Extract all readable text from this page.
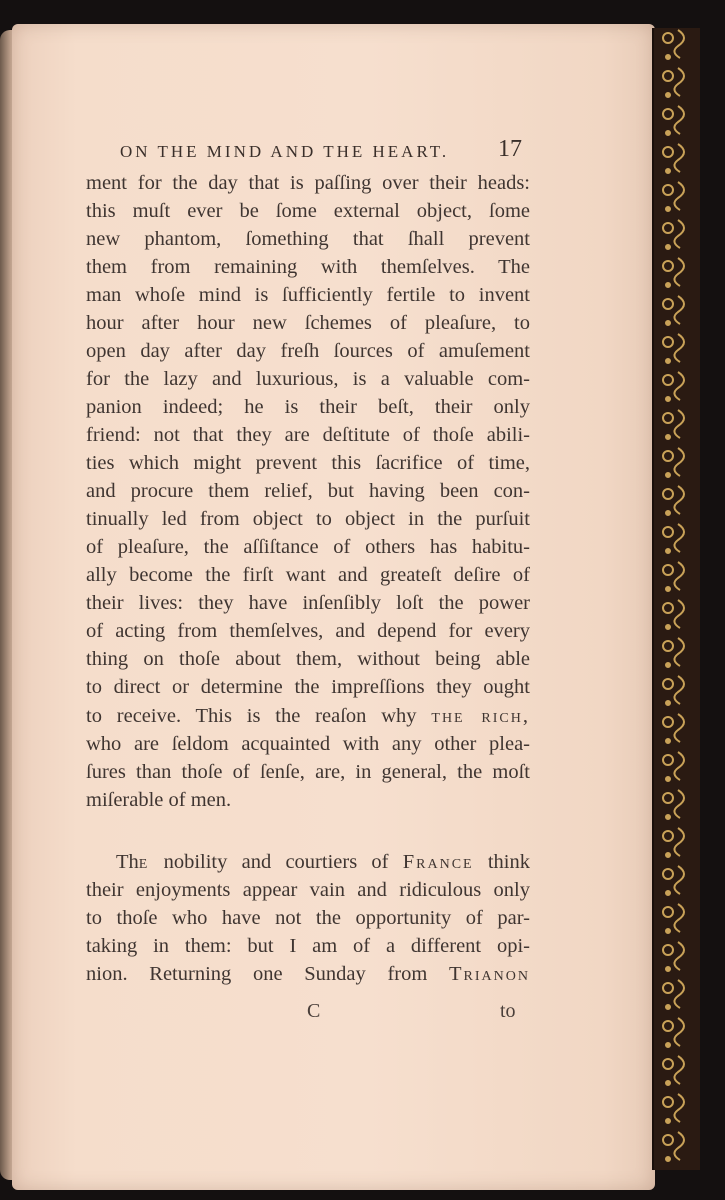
ON THE MIND AND THE HEART. 17
ment for the day that is paſſing over their heads:
this muſt ever be ſome external object, ſome
new phantom, ſomething that ſhall prevent
them from remaining with themſelves. The
man whoſe mind is ſufficiently fertile to invent
hour after hour new ſchemes of pleaſure, to
open day after day freſh ſources of amuſement
for the lazy and luxurious, is a valuable com-
panion indeed; he is their beſt, their only
friend: not that they are deſtitute of thoſe abili-
ties which might prevent this ſacrifice of time,
and procure them relief, but having been con-
tinually led from object to object in the purſuit
of pleaſure, the aſſiſtance of others has habitu-
ally become the firſt want and greateſt deſire of
their lives: they have inſenſibly loſt the power
of acting from themſelves, and depend for every
thing on thoſe about them, without being able
to direct or determine the impreſſions they ought
to receive. This is the reaſon why the rich,
who are ſeldom acquainted with any other plea-
ſures than thoſe of ſenſe, are, in general, the moſt
miſerable of men.
The nobility and courtiers of France think
their enjoyments appear vain and ridiculous only
to thoſe who have not the opportunity of par-
taking in them: but I am of a different opi-
nion. Returning one Sunday from Trianon
C	to
